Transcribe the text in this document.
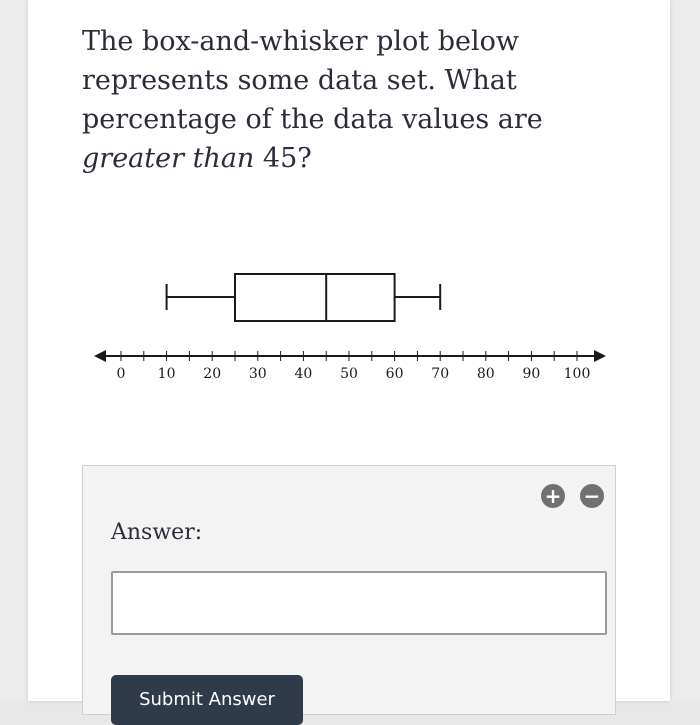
The box-and-whisker plot below represents some data set. What percentage of the data values are greater than 45?
0 10 20 30 40 50 60 70 80 90 100
+ −
Answer:
Submit Answer
